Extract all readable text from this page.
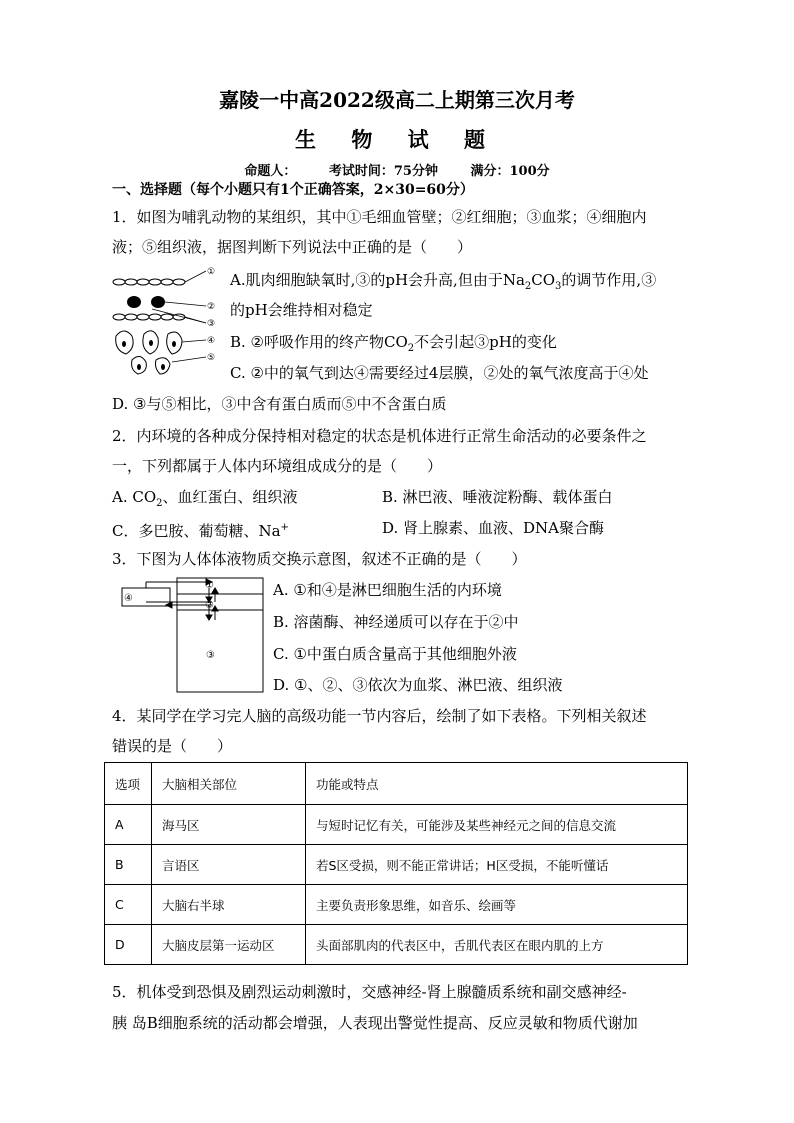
嘉陵一中高2022级高二上期第三次月考
生 物 试 题
命题人：	考试时间：75分钟	满分：100分
一、选择题（每个小题只有1个正确答案，2×30=60分）
1．如图为哺乳动物的某组织，其中①毛细血管壁；②红细胞；③血浆；④细胞内
液；⑤组织液，据图判断下列说法中正确的是（　　）
①
②
③
④
⑤
A.肌肉细胞缺氧时,③的pH会升高,但由于$Na_2CO_3$的调节作用,③
的pH会维持相对稳定
B. ②呼吸作用的终产物$CO_2$不会引起③pH的变化
C. ②中的氧气到达④需要经过4层膜，②处的氧气浓度高于④处
D. ③与⑤相比，③中含有蛋白质而⑤中不含蛋白质
2．内环境的各种成分保持相对稳定的状态是机体进行正常生命活动的必要条件之
一，下列都属于人体内环境组成成分的是（　　）
A. $CO_2$、血红蛋白、组织液	B. 淋巴液、唾液淀粉酶、载体蛋白
C．多巴胺、葡萄糖、Na+	D. 肾上腺素、血液、DNA聚合酶
3．下图为人体体液物质交换示意图，叙述不正确的是（　　）
①
②
③
④	A. ①和④是淋巴细胞生活的内环境
B. 溶菌酶、神经递质可以存在于②中
C. ①中蛋白质含量高于其他细胞外液
D. ①、②、③依次为血浆、淋巴液、组织液
4．某同学在学习完人脑的高级功能一节内容后，绘制了如下表格。下列相关叙述
错误的是（　　）
选项	大脑相关部位	功能或特点
A	海马区	与短时记忆有关，可能涉及某些神经元之间的信息交流
B	言语区	若S区受损，则不能正常讲话；H区受损，不能听懂话
C	大脑右半球	主要负责形象思维，如音乐、绘画等
D	大脑皮层第一运动区	头面部肌肉的代表区中，舌肌代表区在眼内肌的上方
5．机体受到恐惧及剧烈运动刺激时，交感神经-肾上腺髓质系统和副交感神经-
胰 岛B细胞系统的活动都会增强，人表现出警觉性提高、反应灵敏和物质代谢加
